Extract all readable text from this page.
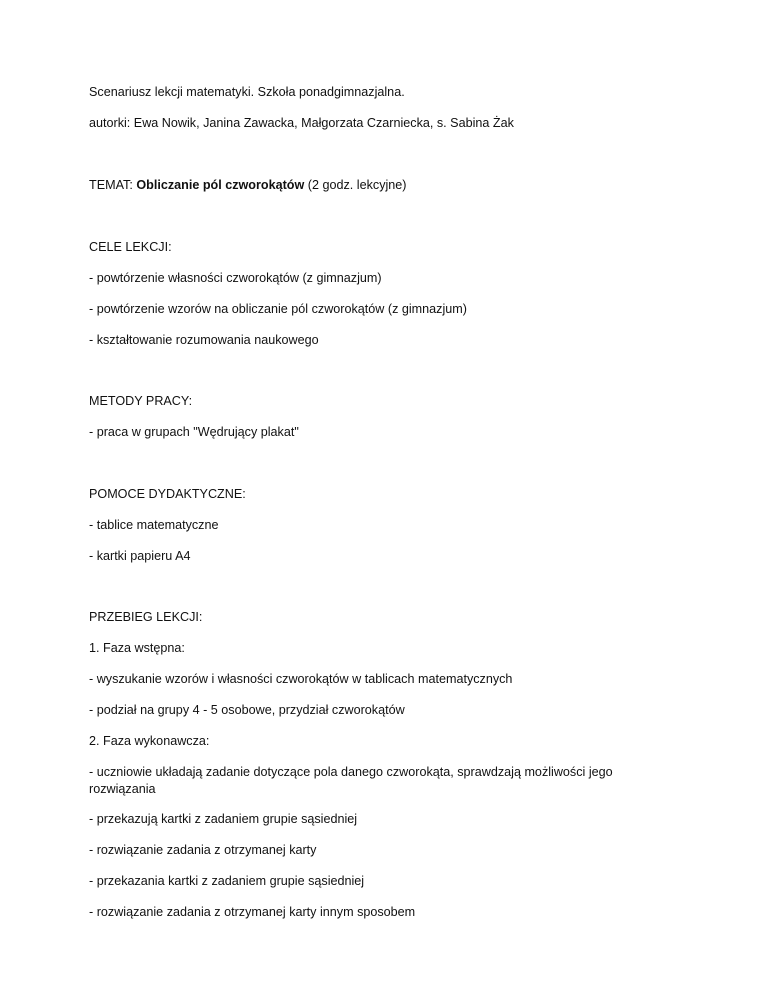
Scenariusz lekcji matematyki. Szkoła ponadgimnazjalna.
autorki: Ewa Nowik, Janina Zawacka, Małgorzata Czarniecka, s. Sabina Żak
TEMAT: Obliczanie pól czworokątów (2 godz. lekcyjne)
CELE LEKCJI:
- powtórzenie własności czworokątów (z gimnazjum)
- powtórzenie wzorów na obliczanie pól czworokątów (z gimnazjum)
- kształtowanie rozumowania naukowego
METODY PRACY:
- praca w grupach "Wędrujący plakat"
POMOCE DYDAKTYCZNE:
- tablice matematyczne
- kartki papieru A4
PRZEBIEG LEKCJI:
1. Faza wstępna:
- wyszukanie wzorów i własności czworokątów w tablicach matematycznych
- podział na grupy 4 - 5 osobowe, przydział czworokątów
2. Faza wykonawcza:
- uczniowie układają zadanie dotyczące pola danego czworokąta, sprawdzają możliwości jego rozwiązania
- przekazują kartki z zadaniem grupie sąsiedniej
- rozwiązanie zadania z otrzymanej karty
- przekazania kartki z zadaniem grupie sąsiedniej
- rozwiązanie zadania z otrzymanej karty innym sposobem
